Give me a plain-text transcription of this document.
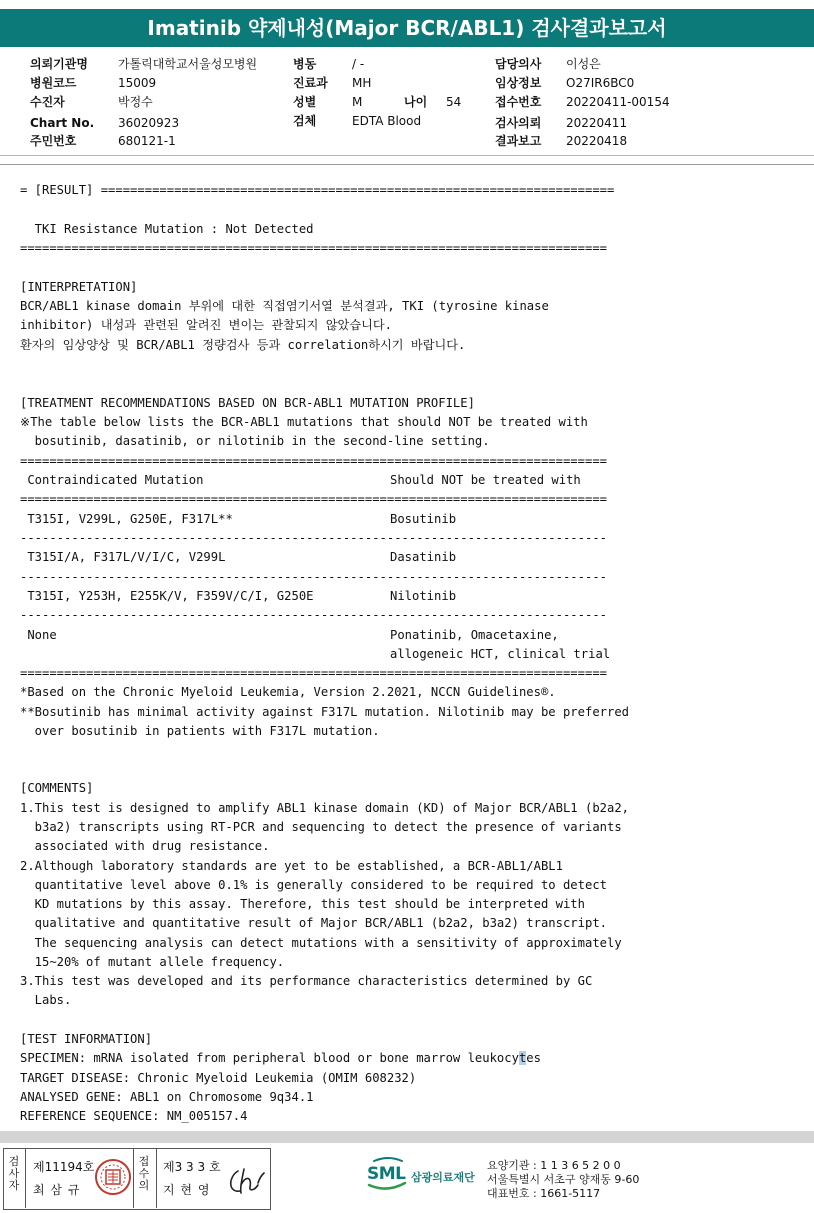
Imatinib 약제내성(Major BCR/ABL1) 검사결과보고서
의뢰기관명	가톨릭대학교서울성모병원
병원코드	15009
수진자	박정수
Chart No. 36020923
주민번호	680121-1
병동	/ -
진료과 MH
성별	M	나이 54
검체	EDTA Blood
담당의사 이성은
임상정보 O27IR6BC0
접수번호 20220411-00154
검사의뢰 20220411
결과보고 20220418
= [RESULT] ======================================================================
TKI Resistance Mutation : Not Detected
================================================================================
[INTERPRETATION]
BCR/ABL1 kinase domain 부위에 대한 직접염기서열 분석결과, TKI (tyrosine kinase
inhibitor) 내성과 관련된 알려진 변이는 관찰되지 않았습니다.
환자의 임상양상 및 BCR/ABL1 정량검사 등과 correlation하시기 바랍니다.
[TREATMENT RECOMMENDATIONS BASED ON BCR-ABL1 MUTATION PROFILE]
※The table below lists the BCR-ABL1 mutations that should NOT be treated with
bosutinib, dasatinib, or nilotinib in the second-line setting.
================================================================================
Contraindicated Mutation	Should NOT be treated with
================================================================================
T315I, V299L, G250E, F317L**	Bosutinib
--------------------------------------------------------------------------------
T315I/A, F317L/V/I/C, V299L	Dasatinib
--------------------------------------------------------------------------------
T315I, Y253H, E255K/V, F359V/C/I, G250E	Nilotinib
--------------------------------------------------------------------------------
None	Ponatinib, Omacetaxine,
allogeneic HCT, clinical trial
================================================================================
*Based on the Chronic Myeloid Leukemia, Version 2.2021, NCCN Guidelines®.
**Bosutinib has minimal activity against F317L mutation. Nilotinib may be preferred
over bosutinib in patients with F317L mutation.
[COMMENTS]
1.This test is designed to amplify ABL1 kinase domain (KD) of Major BCR/ABL1 (b2a2,
b3a2) transcripts using RT-PCR and sequencing to detect the presence of variants
associated with drug resistance.
2.Although laboratory standards are yet to be established, a BCR-ABL1/ABL1
quantitative level above 0.1% is generally considered to be required to detect
KD mutations by this assay. Therefore, this test should be interpreted with
qualitative and quantitative result of Major BCR/ABL1 (b2a2, b3a2) transcript.
The sequencing analysis can detect mutations with a sensitivity of approximately
15~20% of mutant allele frequency.
3.This test was developed and its performance characteristics determined by GC
Labs.
[TEST INFORMATION]
SPECIMEN: mRNA isolated from peripheral blood or bone marrow leukocytes
TARGET DISEASE: Chronic Myeloid Leukemia (OMIM 608232)
ANALYSED GENE: ABL1 on Chromosome 9q34.1
REFERENCE SEQUENCE: NM_005157.4
검사자
제11194호
최 삼 규
접수의
제3 3 3 호
지 현 영
SML 삼광의료재단
요양기관 : 1 1 3 6 5 2 0 0
서울특별시 서초구 양재동 9-60
대표번호 : 1661-5117
